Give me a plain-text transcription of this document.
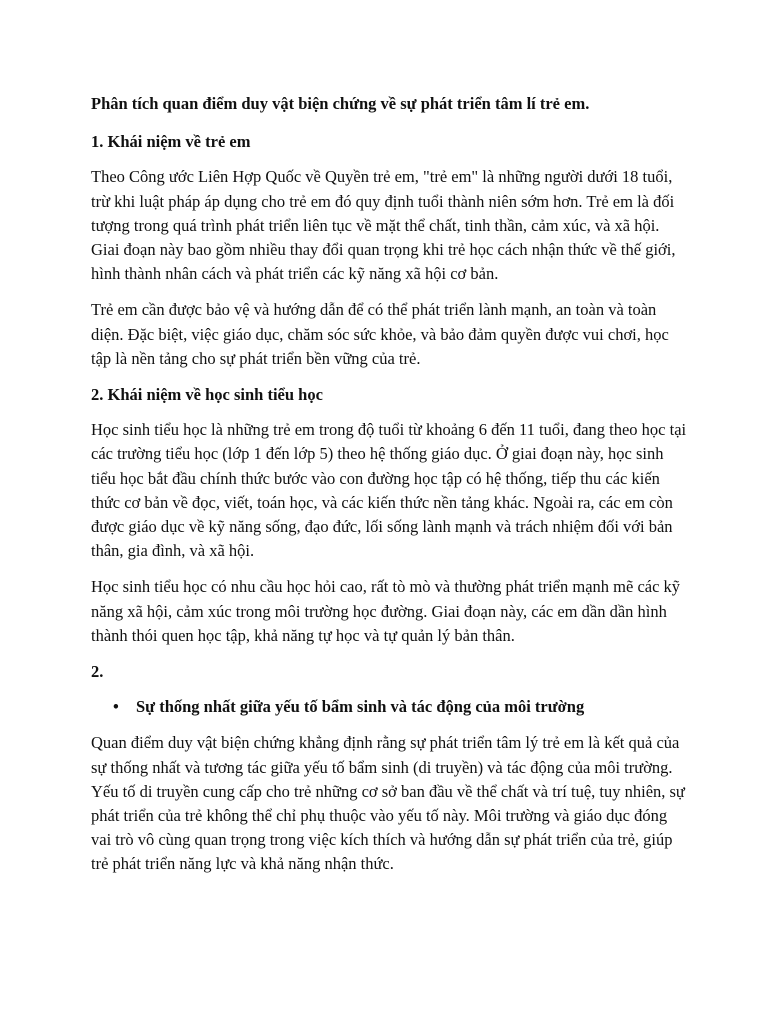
Phân tích quan điểm duy vật biện chứng về sự phát triển tâm lí trẻ em.

1. Khái niệm về trẻ em

Theo Công ước Liên Hợp Quốc về Quyền trẻ em, "trẻ em" là những người dưới 18 tuổi, trừ khi luật pháp áp dụng cho trẻ em đó quy định tuổi thành niên sớm hơn. Trẻ em là đối tượng trong quá trình phát triển liên tục về mặt thể chất, tinh thần, cảm xúc, và xã hội. Giai đoạn này bao gồm nhiều thay đổi quan trọng khi trẻ học cách nhận thức về thế giới, hình thành nhân cách và phát triển các kỹ năng xã hội cơ bản.

Trẻ em cần được bảo vệ và hướng dẫn để có thể phát triển lành mạnh, an toàn và toàn diện. Đặc biệt, việc giáo dục, chăm sóc sức khỏe, và bảo đảm quyền được vui chơi, học tập là nền tảng cho sự phát triển bền vững của trẻ.

2. Khái niệm về học sinh tiểu học

Học sinh tiểu học là những trẻ em trong độ tuổi từ khoảng 6 đến 11 tuổi, đang theo học tại các trường tiểu học (lớp 1 đến lớp 5) theo hệ thống giáo dục. Ở giai đoạn này, học sinh tiểu học bắt đầu chính thức bước vào con đường học tập có hệ thống, tiếp thu các kiến thức cơ bản về đọc, viết, toán học, và các kiến thức nền tảng khác. Ngoài ra, các em còn được giáo dục về kỹ năng sống, đạo đức, lối sống lành mạnh và trách nhiệm đối với bản thân, gia đình, và xã hội.

Học sinh tiểu học có nhu cầu học hỏi cao, rất tò mò và thường phát triển mạnh mẽ các kỹ năng xã hội, cảm xúc trong môi trường học đường. Giai đoạn này, các em dần dần hình thành thói quen học tập, khả năng tự học và tự quản lý bản thân.

2.

• Sự thống nhất giữa yếu tố bẩm sinh và tác động của môi trường

Quan điểm duy vật biện chứng khẳng định rằng sự phát triển tâm lý trẻ em là kết quả của sự thống nhất và tương tác giữa yếu tố bẩm sinh (di truyền) và tác động của môi trường. Yếu tố di truyền cung cấp cho trẻ những cơ sở ban đầu về thể chất và trí tuệ, tuy nhiên, sự phát triển của trẻ không thể chỉ phụ thuộc vào yếu tố này. Môi trường và giáo dục đóng vai trò vô cùng quan trọng trong việc kích thích và hướng dẫn sự phát triển của trẻ, giúp trẻ phát triển năng lực và khả năng nhận thức.
